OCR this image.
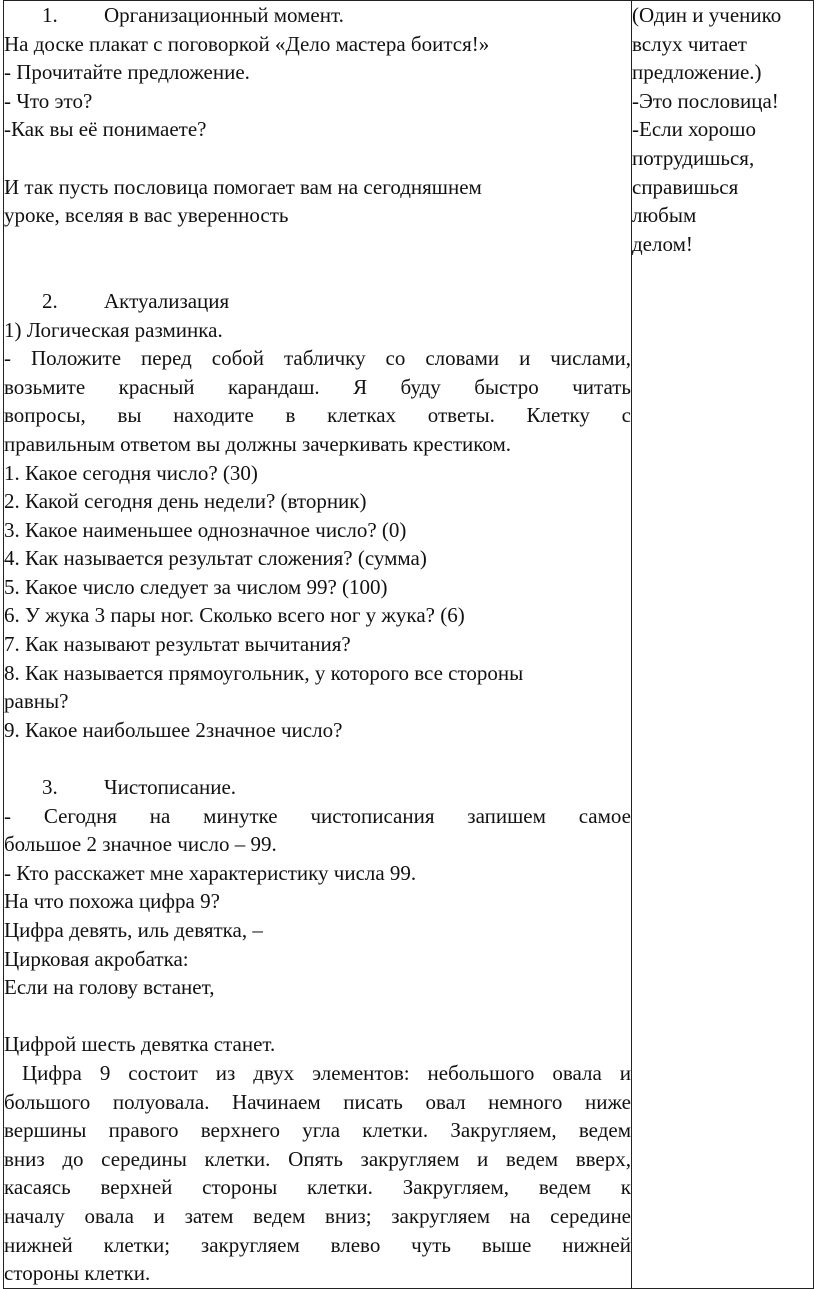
1. Организационный момент.
На доске плакат с поговоркой «Дело мастера боится!»
- Прочитайте предложение.
- Что это?
-Как вы её понимаете?
И так пусть пословица помогает вам на сегодняшнем
уроке, вселяя в вас уверенность
2. Актуализация
1) Логическая разминка.
- Положите перед собой табличку со словами и числами,
возьмите красный карандаш. Я буду быстро читать
вопросы, вы находите в клетках ответы. Клетку с
правильным ответом вы должны зачеркивать крестиком.
1. Какое сегодня число? (30)
2. Какой сегодня день недели? (вторник)
3. Какое наименьшее однозначное число? (0)
4. Как называется результат сложения? (сумма)
5. Какое число следует за числом 99? (100)
6. У жука 3 пары ног. Сколько всего ног у жука? (6)
7. Как называют результат вычитания?
8. Как называется прямоугольник, у которого все стороны
равны?
9. Какое наибольшее 2значное число?
3. Чистописание.
- Сегодня на минутке чистописания запишем самое
большое 2 значное число – 99.
- Кто расскажет мне характеристику числа 99.
На что похожа цифра 9?
Цифра девять, иль девятка, –
Цирковая акробатка:
Если на голову встанет,
Цифрой шесть девятка станет.
Цифра 9 состоит из двух элементов: небольшого овала и
большого полуовала. Начинаем писать овал немного ниже
вершины правого верхнего угла клетки. Закругляем, ведем
вниз до середины клетки. Опять закругляем и ведем вверх,
касаясь верхней стороны клетки. Закругляем, ведем к
началу овала и затем ведем вниз; закругляем на середине
нижней клетки; закругляем влево чуть выше нижней
стороны клетки.

(Один и ученико
вслух читает
предложение.)
-Это пословица!
-Если хорошо
потрудишься,
справишься
любым
делом!
